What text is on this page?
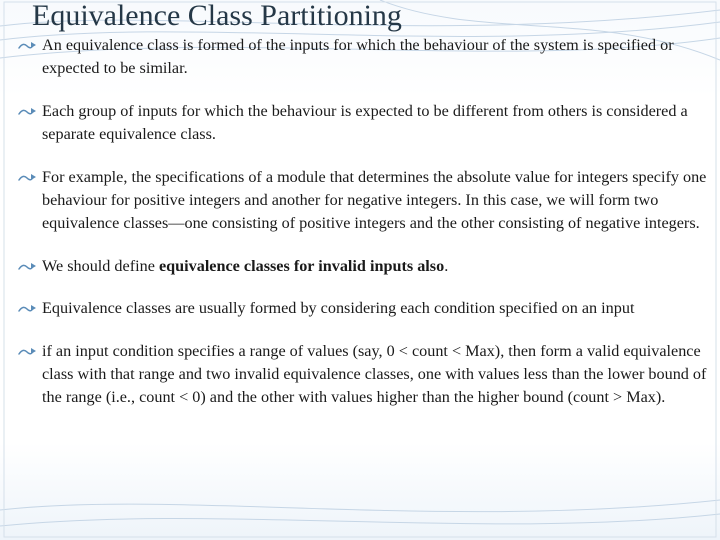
Equivalence Class Partitioning
An equivalence class is formed of the inputs for which the behaviour of the system is specified or expected to be similar.
Each group of inputs for which the behaviour is expected to be different from others is considered a separate equivalence class.
For example, the specifications of a module that determines the absolute value for integers specify one behaviour for positive integers and another for negative integers. In this case, we will form two equivalence classes—one consisting of positive integers and the other consisting of negative integers.
We should define equivalence classes for invalid inputs also.
Equivalence classes are usually formed by considering each condition specified on an input
if an input condition specifies a range of values (say, 0 < count < Max), then form a valid equivalence class with that range and two invalid equivalence classes, one with values less than the lower bound of the range (i.e., count < 0) and the other with values higher than the higher bound (count > Max).
